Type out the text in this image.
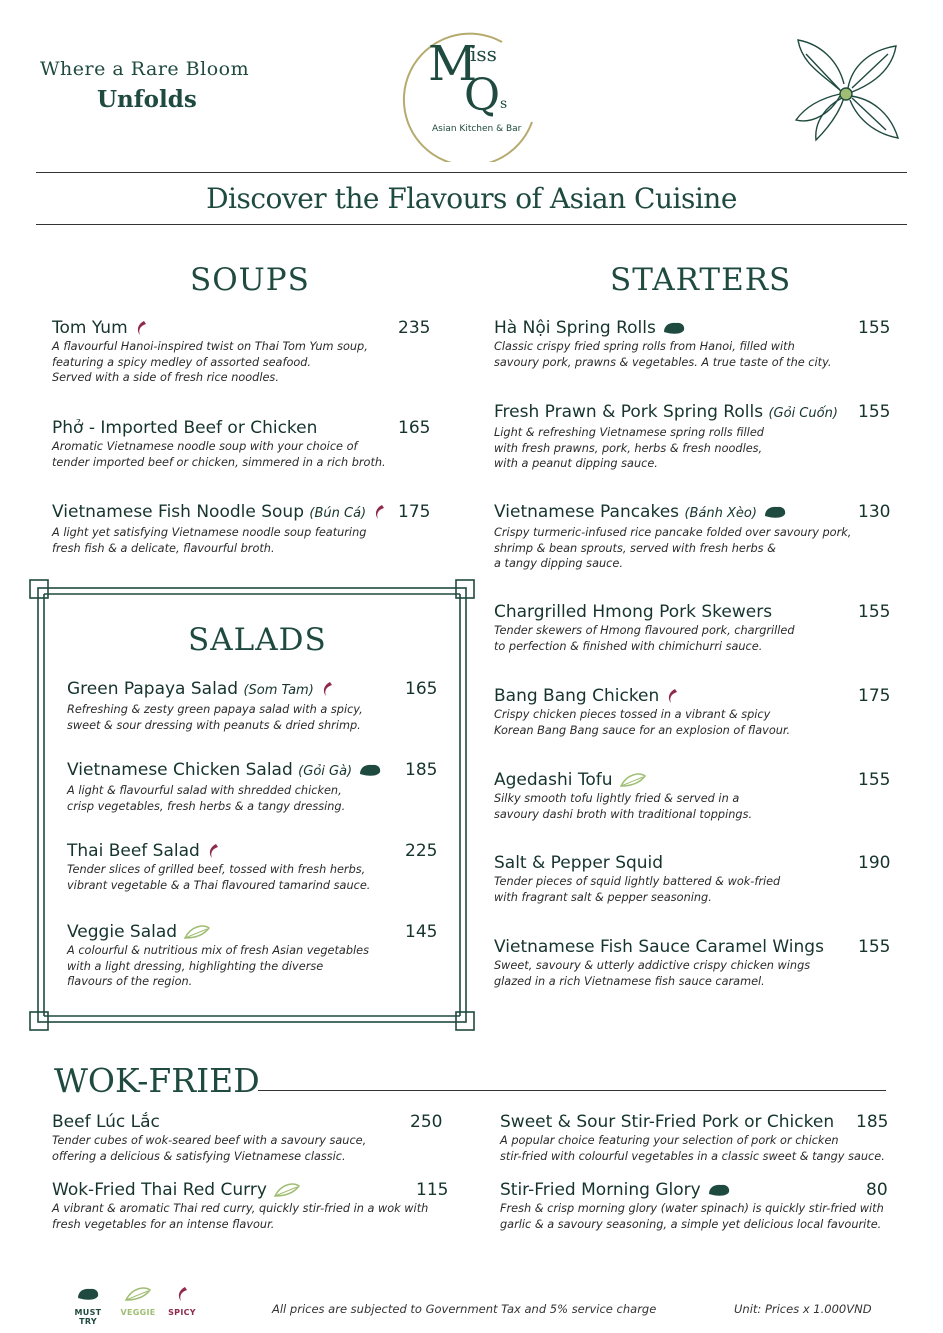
Where a Rare Bloom
Unfolds
M
iss
Q s
Asian Kitchen & Bar
Discover the Flavours of Asian Cuisine
SOUPS	STARTERS
SALADS
WOK-FRIED
Tom Yum
A flavourful Hanoi-inspired twist on Thai Tom Yum soup,
featuring a spicy medley of assorted seafood.
Served with a side of fresh rice noodles.
235
Phở - Imported Beef or Chicken
Aromatic Vietnamese noodle soup with your choice of
tender imported beef or chicken, simmered in a rich broth.
165
Vietnamese Fish Noodle Soup (Bún Cá)
A light yet satisfying Vietnamese noodle soup featuring
fresh fish & a delicate, flavourful broth.
175
Green Papaya Salad (Som Tam)
Refreshing & zesty green papaya salad with a spicy,
sweet & sour dressing with peanuts & dried shrimp.
165
Vietnamese Chicken Salad (Gỏi Gà)
A light & flavourful salad with shredded chicken,
crisp vegetables, fresh herbs & a tangy dressing.
185
Thai Beef Salad
Tender slices of grilled beef, tossed with fresh herbs,
vibrant vegetable & a Thai flavoured tamarind sauce.
225
Veggie Salad
A colourful & nutritious mix of fresh Asian vegetables
with a light dressing, highlighting the diverse
flavours of the region.
145
Hà Nội Spring Rolls
Classic crispy fried spring rolls from Hanoi, filled with
savoury pork, prawns & vegetables. A true taste of the city.
155
Fresh Prawn & Pork Spring Rolls (Gỏi Cuốn)
Light & refreshing Vietnamese spring rolls filled
with fresh prawns, pork, herbs & fresh noodles,
with a peanut dipping sauce.
155
Vietnamese Pancakes (Bánh Xèo)
Crispy turmeric-infused rice pancake folded over savoury pork,
shrimp & bean sprouts, served with fresh herbs &
a tangy dipping sauce.
130
Chargrilled Hmong Pork Skewers
Tender skewers of Hmong flavoured pork, chargrilled
to perfection & finished with chimichurri sauce.
155
Bang Bang Chicken
Crispy chicken pieces tossed in a vibrant & spicy
Korean Bang Bang sauce for an explosion of flavour.
175
Agedashi Tofu
Silky smooth tofu lightly fried & served in a
savoury dashi broth with traditional toppings.
155
Salt & Pepper Squid
Tender pieces of squid lightly battered & wok-fried
with fragrant salt & pepper seasoning.
190
Vietnamese Fish Sauce Caramel Wings
Sweet, savoury & utterly addictive crispy chicken wings
glazed in a rich Vietnamese fish sauce caramel.
155
Beef Lúc Lắc
Tender cubes of wok-seared beef with a savoury sauce,
offering a delicious & satisfying Vietnamese classic.
250
Wok-Fried Thai Red Curry
A vibrant & aromatic Thai red curry, quickly stir-fried in a wok with
fresh vegetables for an intense flavour.
115
Sweet & Sour Stir-Fried Pork or Chicken
A popular choice featuring your selection of pork or chicken
stir-fried with colourful vegetables in a classic sweet & tangy sauce.
185
Stir-Fried Morning Glory
Fresh & crisp morning glory (water spinach) is quickly stir-fried with
garlic & a savoury seasoning, a simple yet delicious local favourite.
80
MUST TRY
VEGGIE	SPICY	All prices are subjected to Government Tax and 5% service charge	Unit: Prices x 1.000VND
